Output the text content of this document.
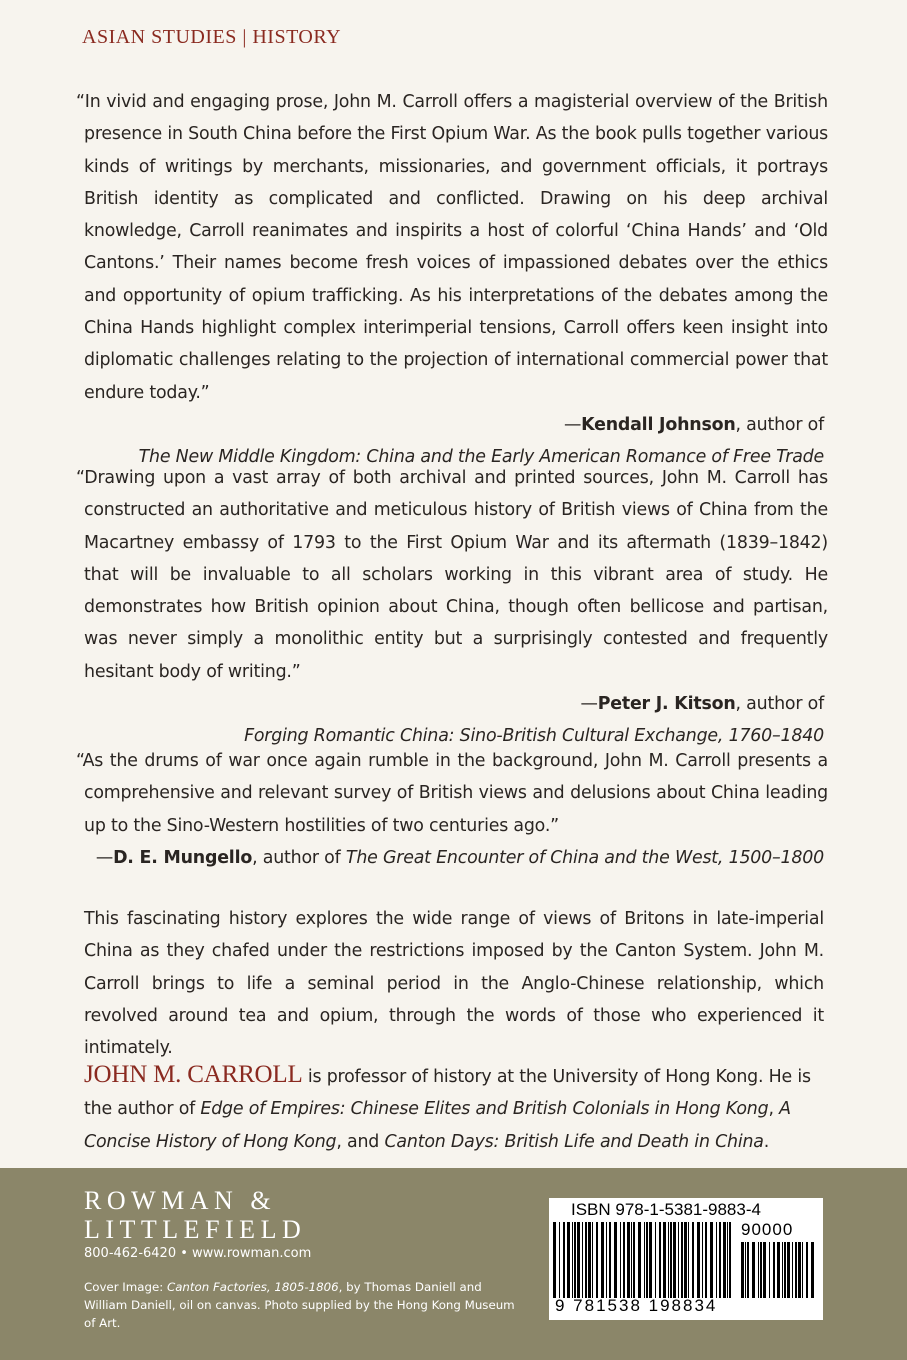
ASIAN STUDIES | HISTORY
“In vivid and engaging prose, John M. Carroll offers a magisterial overview of the British presence in South China before the First Opium War. As the book pulls together various kinds of writings by merchants, missionaries, and government officials, it portrays British identity as complicated and conflicted. Drawing on his deep archival knowledge, Carroll reanimates and inspirits a host of colorful ‘China Hands’ and ‘Old Cantons.’ Their names become fresh voices of impassioned debates over the ethics and opportunity of opium trafficking. As his interpretations of the debates among the China Hands highlight complex interimperial tensions, Carroll offers keen insight into diplomatic challenges relating to the projection of international commercial power that endure today.”
—Kendall Johnson, author of
The New Middle Kingdom: China and the Early American Romance of Free Trade
“Drawing upon a vast array of both archival and printed sources, John M. Carroll has constructed an authoritative and meticulous history of British views of China from the Macartney embassy of 1793 to the First Opium War and its aftermath (1839–1842) that will be invaluable to all scholars working in this vibrant area of study. He demonstrates how British opinion about China, though often bellicose and partisan, was never simply a monolithic entity but a surprisingly contested and frequently hesitant body of writing.”
—Peter J. Kitson, author of
Forging Romantic China: Sino-British Cultural Exchange, 1760–1840
“As the drums of war once again rumble in the background, John M. Carroll presents a comprehensive and relevant survey of British views and delusions about China leading up to the Sino-Western hostilities of two centuries ago.”
—D. E. Mungello, author of The Great Encounter of China and the West, 1500–1800
This fascinating history explores the wide range of views of Britons in late-imperial China as they chafed under the restrictions imposed by the Canton System. John M. Carroll brings to life a seminal period in the Anglo-Chinese relationship, which revolved around tea and opium, through the words of those who experienced it intimately.
JOHN M. CARROLL is professor of history at the University of Hong Kong. He is the author of Edge of Empires: Chinese Elites and British Colonials in Hong Kong, A Concise History of Hong Kong, and Canton Days: British Life and Death in China.
ROWMAN &
LITTLEFIELD
800-462-6420 • www.rowman.com
Cover Image: Canton Factories, 1805-1806, by Thomas Daniell and William Daniell, oil on canvas. Photo supplied by the Hong Kong Museum of Art.
ISBN 978-1-5381-9883-4
90000
9 781538 198834
